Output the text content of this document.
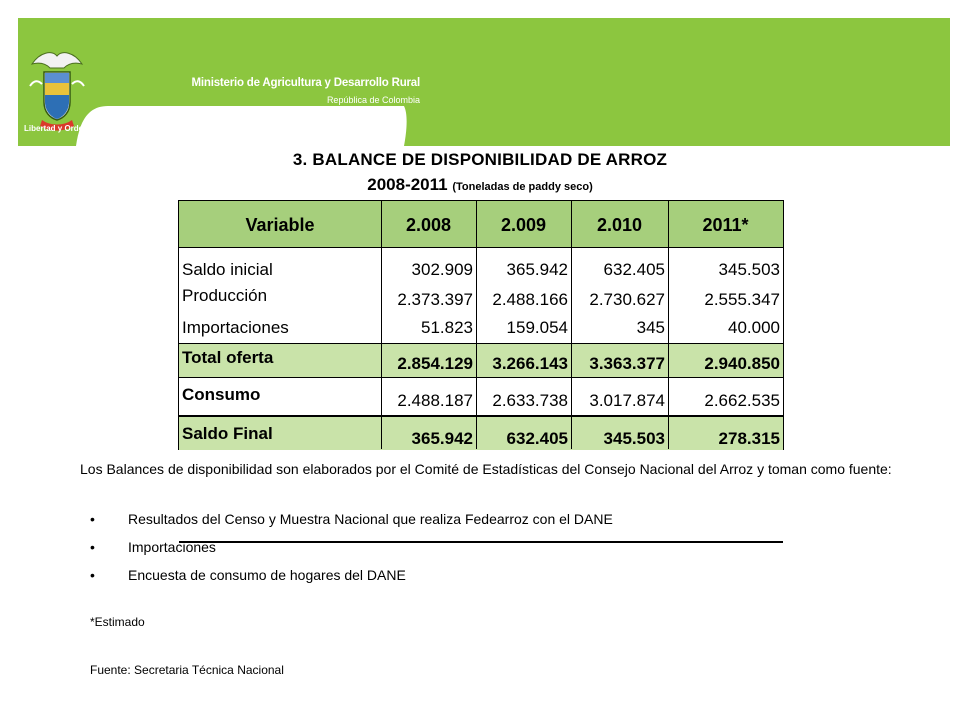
Ministerio de Agricultura y Desarrollo Rural
República de Colombia
Libertad y Orden
3. BALANCE DE DISPONIBILIDAD DE ARROZ
2008-2011 (Toneladas de paddy seco)
Variable	2.008	2.009	2.010	2011*
Saldo inicial	302.909	365.942	632.405	345.503
Producción	2.373.397	2.488.166	2.730.627	2.555.347
Importaciones	51.823	159.054	345	40.000
Total oferta	2.854.129	3.266.143	3.363.377	2.940.850
Consumo	2.488.187	2.633.738	3.017.874	2.662.535
Saldo Final	365.942	632.405	345.503	278.315
Los Balances de disponibilidad son elaborados por el Comité de Estadísticas del Consejo Nacional del Arroz y toman como fuente:
• Resultados del Censo y Muestra Nacional que realiza Fedearroz con el DANE
• Importaciones
• Encuesta de consumo de hogares del DANE
*Estimado
Fuente: Secretaria Técnica Nacional
